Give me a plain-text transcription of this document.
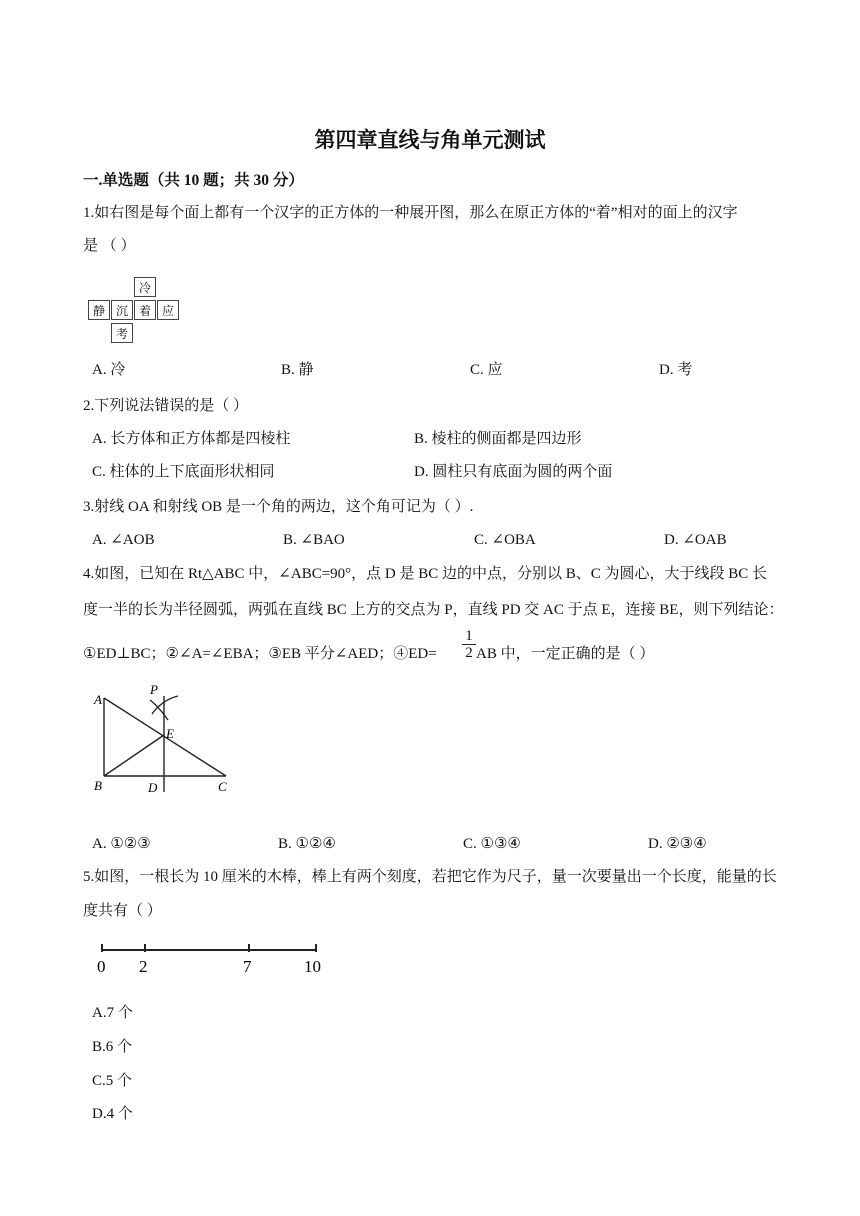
第四章直线与角单元测试
一.单选题（共 10 题；共 30 分）
1.如右图是每个面上都有一个汉字的正方体的一种展开图，那么在原正方体的“着”相对的面上的汉字
是 （ ）
冷
静 沉 着 应
考
A. 冷	B. 静	C. 应	D. 考
2.下列说法错误的是（ ）
A. 长方体和正方体都是四棱柱	B. 棱柱的侧面都是四边形
C. 柱体的上下底面形状相同	D. 圆柱只有底面为圆的两个面
3.射线 OA 和射线 OB 是一个角的两边，这个角可记为（ ）.
A. ∠AOB	B. ∠BAO	C. ∠OBA	D. ∠OAB
4.如图，已知在 Rt△ABC 中，∠ABC=90°，点 D 是 BC 边的中点，分别以 B、C 为圆心，大于线段 BC 长
度一半的长为半径圆弧，两弧在直线 BC 上方的交点为 P，直线 PD 交 AC 于点 E，连接 BE，则下列结论：
①ED⊥BC；②∠A=∠EBA；③EB 平分∠AED；④ED=
1
2 AB 中，一定正确的是（ ）
A
B	C
D
E
P
A. ①②③	B. ①②④	C. ①③④	D. ②③④
5.如图，一根长为 10 厘米的木棒，棒上有两个刻度，若把它作为尺子，量一次要量出一个长度，能量的长
度共有（ ）
0 2	7	10
A.7 个
B.6 个
C.5 个
D.4 个
